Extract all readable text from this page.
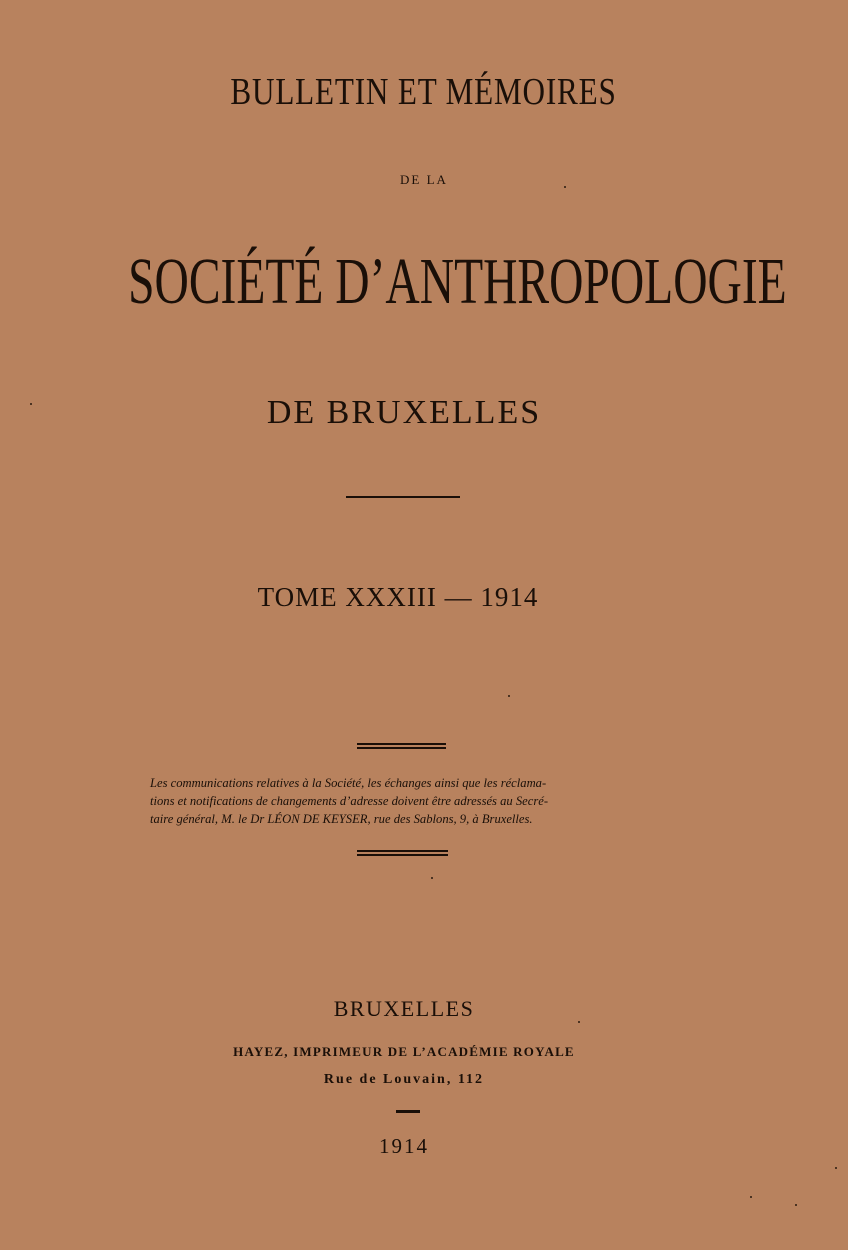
BULLETIN ET MÉMOIRES
DE LA
SOCIÉTÉ D’ANTHROPOLOGIE
DE BRUXELLES
TOME XXXIII — 1914
Les communications relatives à la Société, les échanges ainsi que les réclama-
tions et notifications de changements d’adresse doivent être adressés au Secré-
taire général, M. le Dr LÉON DE KEYSER, rue des Sablons, 9, à Bruxelles.
BRUXELLES
HAYEZ, IMPRIMEUR DE L’ACADÉMIE ROYALE
Rue de Louvain, 112
1914
